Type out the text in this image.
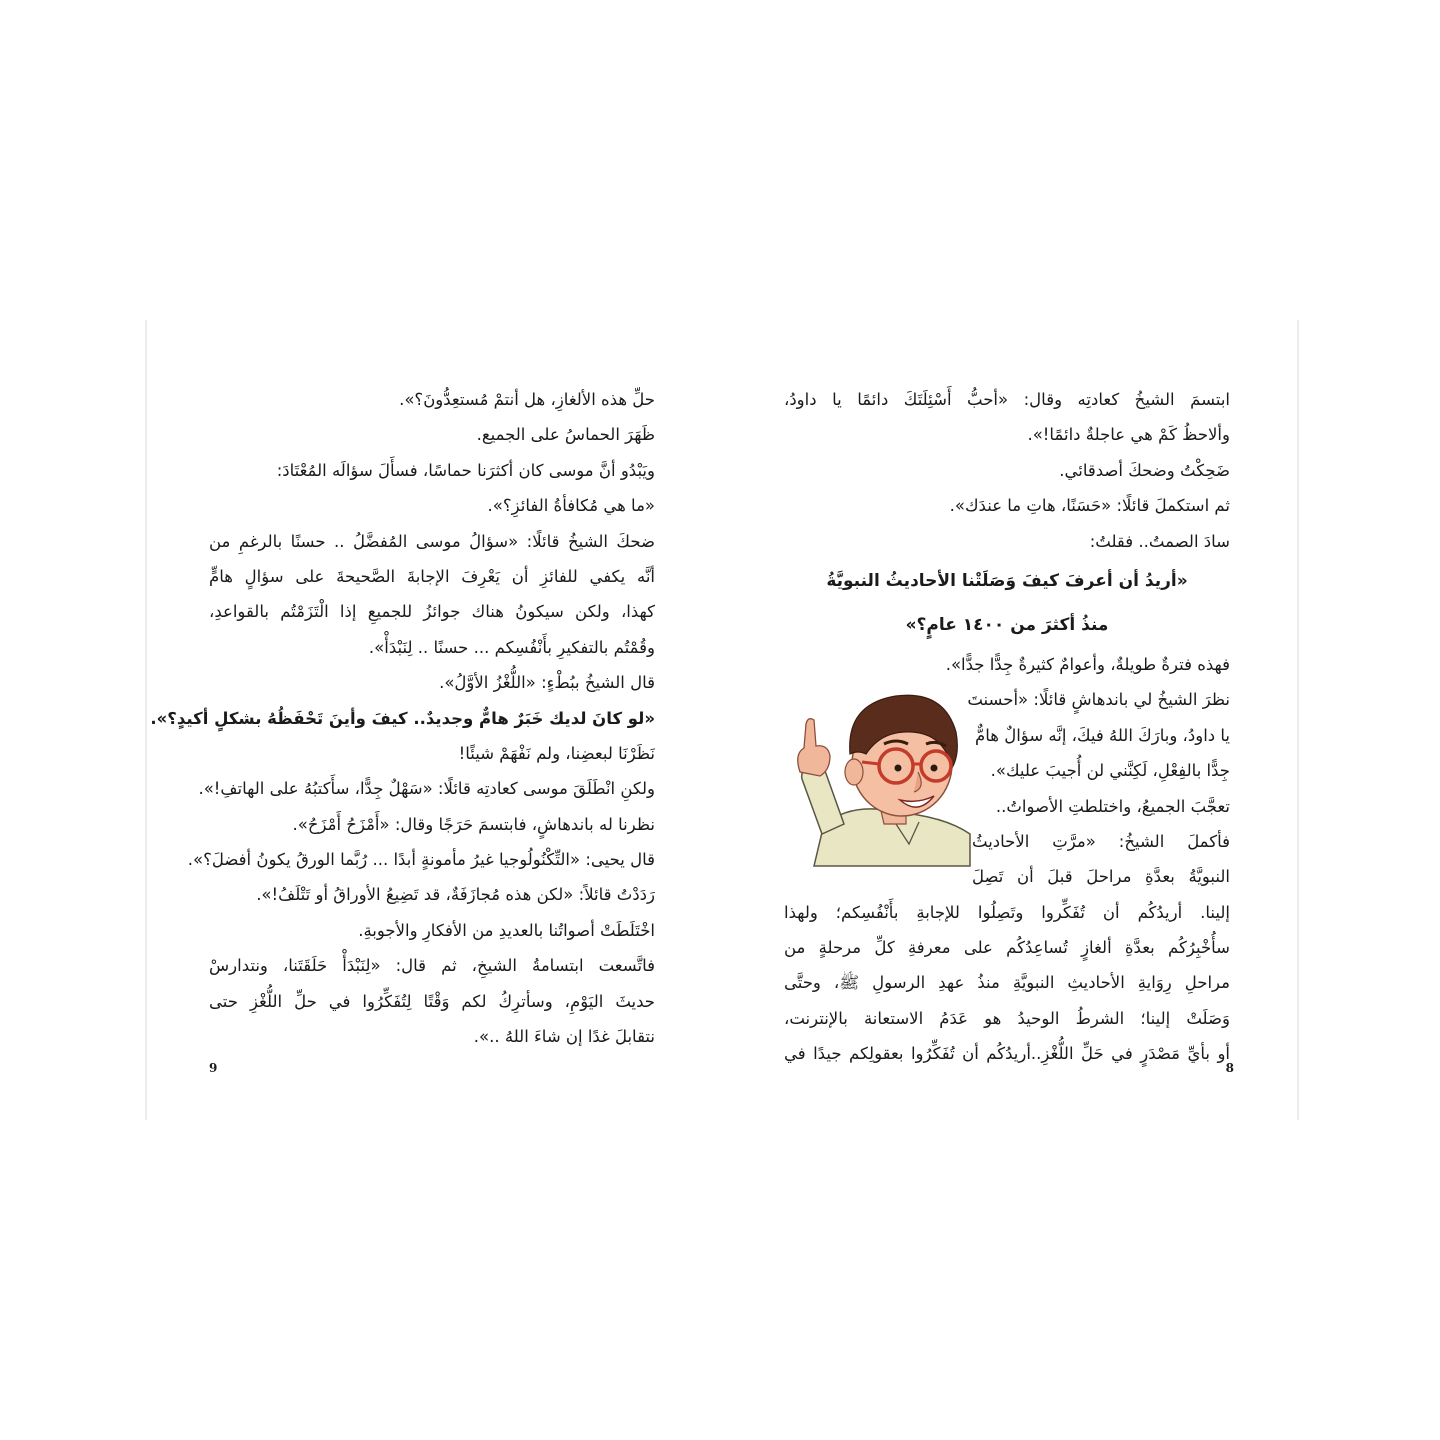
حلِّ هذه الألغازِ، هل أنتمْ مُستعِدُّونَ؟».
ظَهَرَ الحماسُ على الجميع.
ويَبْدُو أنَّ موسى كان أكثرَنا حماسًا، فسأَلَ سؤالَه المُعْتَادَ:
«ما هي مُكافأةُ الفائزِ؟».
ضحكَ الشيخُ قائلًا: «سؤالُ موسى المُفضَّلُ .. حسنًا بالرغمِ من
أنَّه يكفي للفائزِ أن يَعْرِفَ الإجابةَ الصَّحيحةَ على سؤالٍ هامٍّ
كهذا، ولكن سيكونُ هناك جوائزُ للجميعِ إذا الْتَزَمْتُم بالقواعدِ،
وقُمْتُم بالتفكيرِ بأَنْفُسِكم ... حسنًا .. لِنَبْدَأْ».
قال الشيخُ ببُطْءٍ: «اللُّغْزُ الأوَّلُ».
«لو كانَ لديك خَبَرٌ هامٌّ وجديدٌ.. كيفَ وأينَ تَحْفَظُهُ بشكلٍ أكيدٍ؟».
نَظَرْنَا لبعضِنا، ولم نَفْهَمْ شيئًا!
ولكنِ انْطَلَقَ موسى كعادتِه قائلًا: «سَهْلٌ جِدًّا، سأَكتبُهُ على الهاتفِ!».
نظرنا له باندهاشٍ، فابتسمَ حَرَجًا وقال: «أَمْزَحُ أَمْزَحُ».
قال يحيى: «التِّكْنُولُوجيا غيرُ مأمونةٍ أبدًا ... رُبَّما الورقُ يكونُ أفضلَ؟».
رَدَدْتُ قائلاً: «لكن هذه مُجازَفَةٌ، قد تَضِيعُ الأوراقُ أو تَتْلَفُ!».
اخْتَلَطَتْ أصواتُنا بالعديدِ من الأفكارِ والأجوبةِ.
فاتَّسعت ابتسامةُ الشيخِ، ثم قال: «لِنَبْدَأْ حَلَقَتَنا، ونتدارسْ
حديثَ اليَوْمِ، وسأترِكُ لكم وَقْتًا لِتُفَكِّرُوا في حلِّ اللُّغْزِ حتى
نتقابلَ غدًا إن شاءَ اللهُ ..».
9
ابتسمَ الشيخُ كعادتِه وقال: «أحبُّ أَسْئِلَتَكَ دائمًا يا داودُ،
وألاحظُ كَمْ هي عاجلةٌ دائمًا!».
ضَحِكْتُ وضحكَ أصدقائي.
ثم استكملَ قائلًا: «حَسَنًا، هاتِ ما عندَك».
سادَ الصمتُ.. فقلتُ:
«أريدُ أن أعرفَ كيفَ وَصَلَتْنا الأحاديثُ النبويَّةُ
منذُ أكثرَ من ١٤٠٠ عامٍ؟»
فهذه فترةٌ طويلةٌ، وأعوامٌ كثيرةٌ جِدًّا جدًّا».
نظرَ الشيخُ لي باندهاشٍ قائلًا: «أحسنتَ
يا داودُ، وبارَكَ اللهُ فيكَ، إنَّه سؤالٌ هامٌّ
جِدًّا بالفِعْلِ، لَكِنَّني لن أُجيبَ عليك».
تعجَّبَ الجميعُ، واختلطتِ الأصواتُ..
فأكملَ الشيخُ: «مرَّتِ الأحاديثُ
النبويَّةُ بعدَّةِ مراحلَ قبلَ أن تَصِلَ
إلينا. أريدُكُم أن تُفَكِّروا وتَصِلُوا للإجابةِ بأَنْفُسِكم؛ ولهذا
سأُخْبِرُكُم بعدَّةِ ألغازٍ تُساعِدُكُم على معرفةِ كلِّ مرحلةٍ من
مراحلِ رِوَايةِ الأحاديثِ النبويَّةِ منذُ عهدِ الرسولِ ﷺ، وحتَّى
وَصَلَتْ إلينا؛ الشرطُ الوحيدُ هو عَدَمُ الاستعانة بالإنترنت،
أو بأيِّ مَصْدَرٍ في حَلِّ اللُّغْزِ..أريدُكُم أن تُفَكِّرُوا بعقولِكم جيدًا في
8
